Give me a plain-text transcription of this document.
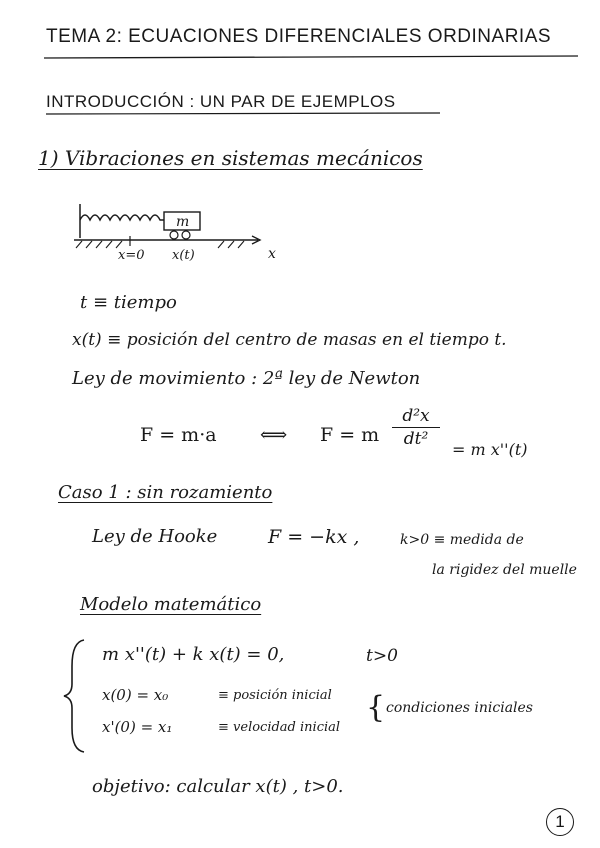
TEMA 2: ECUACIONES DIFERENCIALES ORDINARIAS
INTRODUCCIÓN : UN PAR DE EJEMPLOS
1) Vibraciones en sistemas mecánicos
m
x=0 x(t)	x
t ≡ tiempo
x(t) ≡ posición del centro de masas en el tiempo t.
Ley de movimiento : 2ª ley de Newton
F = m·a ⟺ F = m
d²x
dt²
= m x''(t)
Caso 1 : sin rozamiento
Ley de Hooke	F = −kx ,	k>0 ≡ medida de
la rigidez del muelle
Modelo matemático
m x''(t) + k x(t) = 0,	t>0
x(0) = x₀	≡ posición inicial
x'(0) = x₁	≡ velocidad inicial
{ condiciones iniciales
objetivo: calcular x(t) , t>0.
1
